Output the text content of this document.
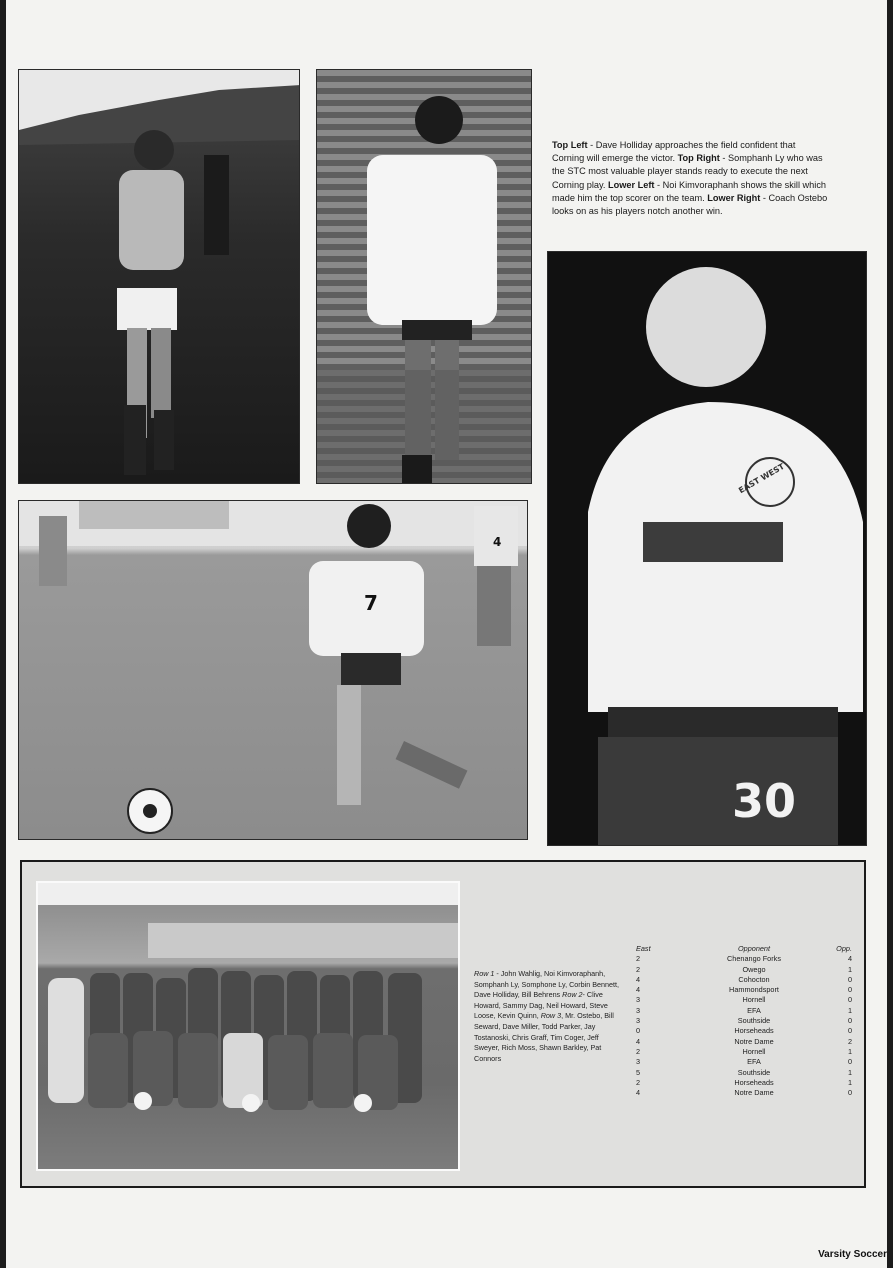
Top Left - Dave Holliday approaches the field confident that Corning will emerge the victor. Top Right - Somphanh Ly who was the STC most valuable player stands ready to execute the next Corning play. Lower Left - Noi Kimvoraphanh shows the skill which made him the top scorer on the team. Lower Right - Coach Ostebo looks on as his players notch another win.
30
EAST WEST
7
4
Row 1 - John Wahlig, Noi Kimvoraphanh, Somphanh Ly, Somphone Ly, Corbin Bennett, Dave Holliday, Bill Behrens Row 2- Clive Howard, Sammy Dag, Neil Howard, Steve Loose, Kevin Quinn, Row 3, Mr. Ostebo, Bill Seward, Dave Miller, Todd Parker, Jay Tostanoski, Chris Graff, Tim Coger, Jeff Sweyer, Rich Moss, Shawn Barkley, Pat Connors
East	Opponent	Opp.
2	Chenango Forks	4
2	Owego	1
4	Cohocton	0
4	Hammondsport	0
3	Hornell	0
3	EFA	1
3	Southside	0
0	Horseheads	0
4	Notre Dame	2
2	Hornell	1
3	EFA	0
5	Southside	1
2	Horseheads	1
4	Notre Dame	0
Varsity Soccer
